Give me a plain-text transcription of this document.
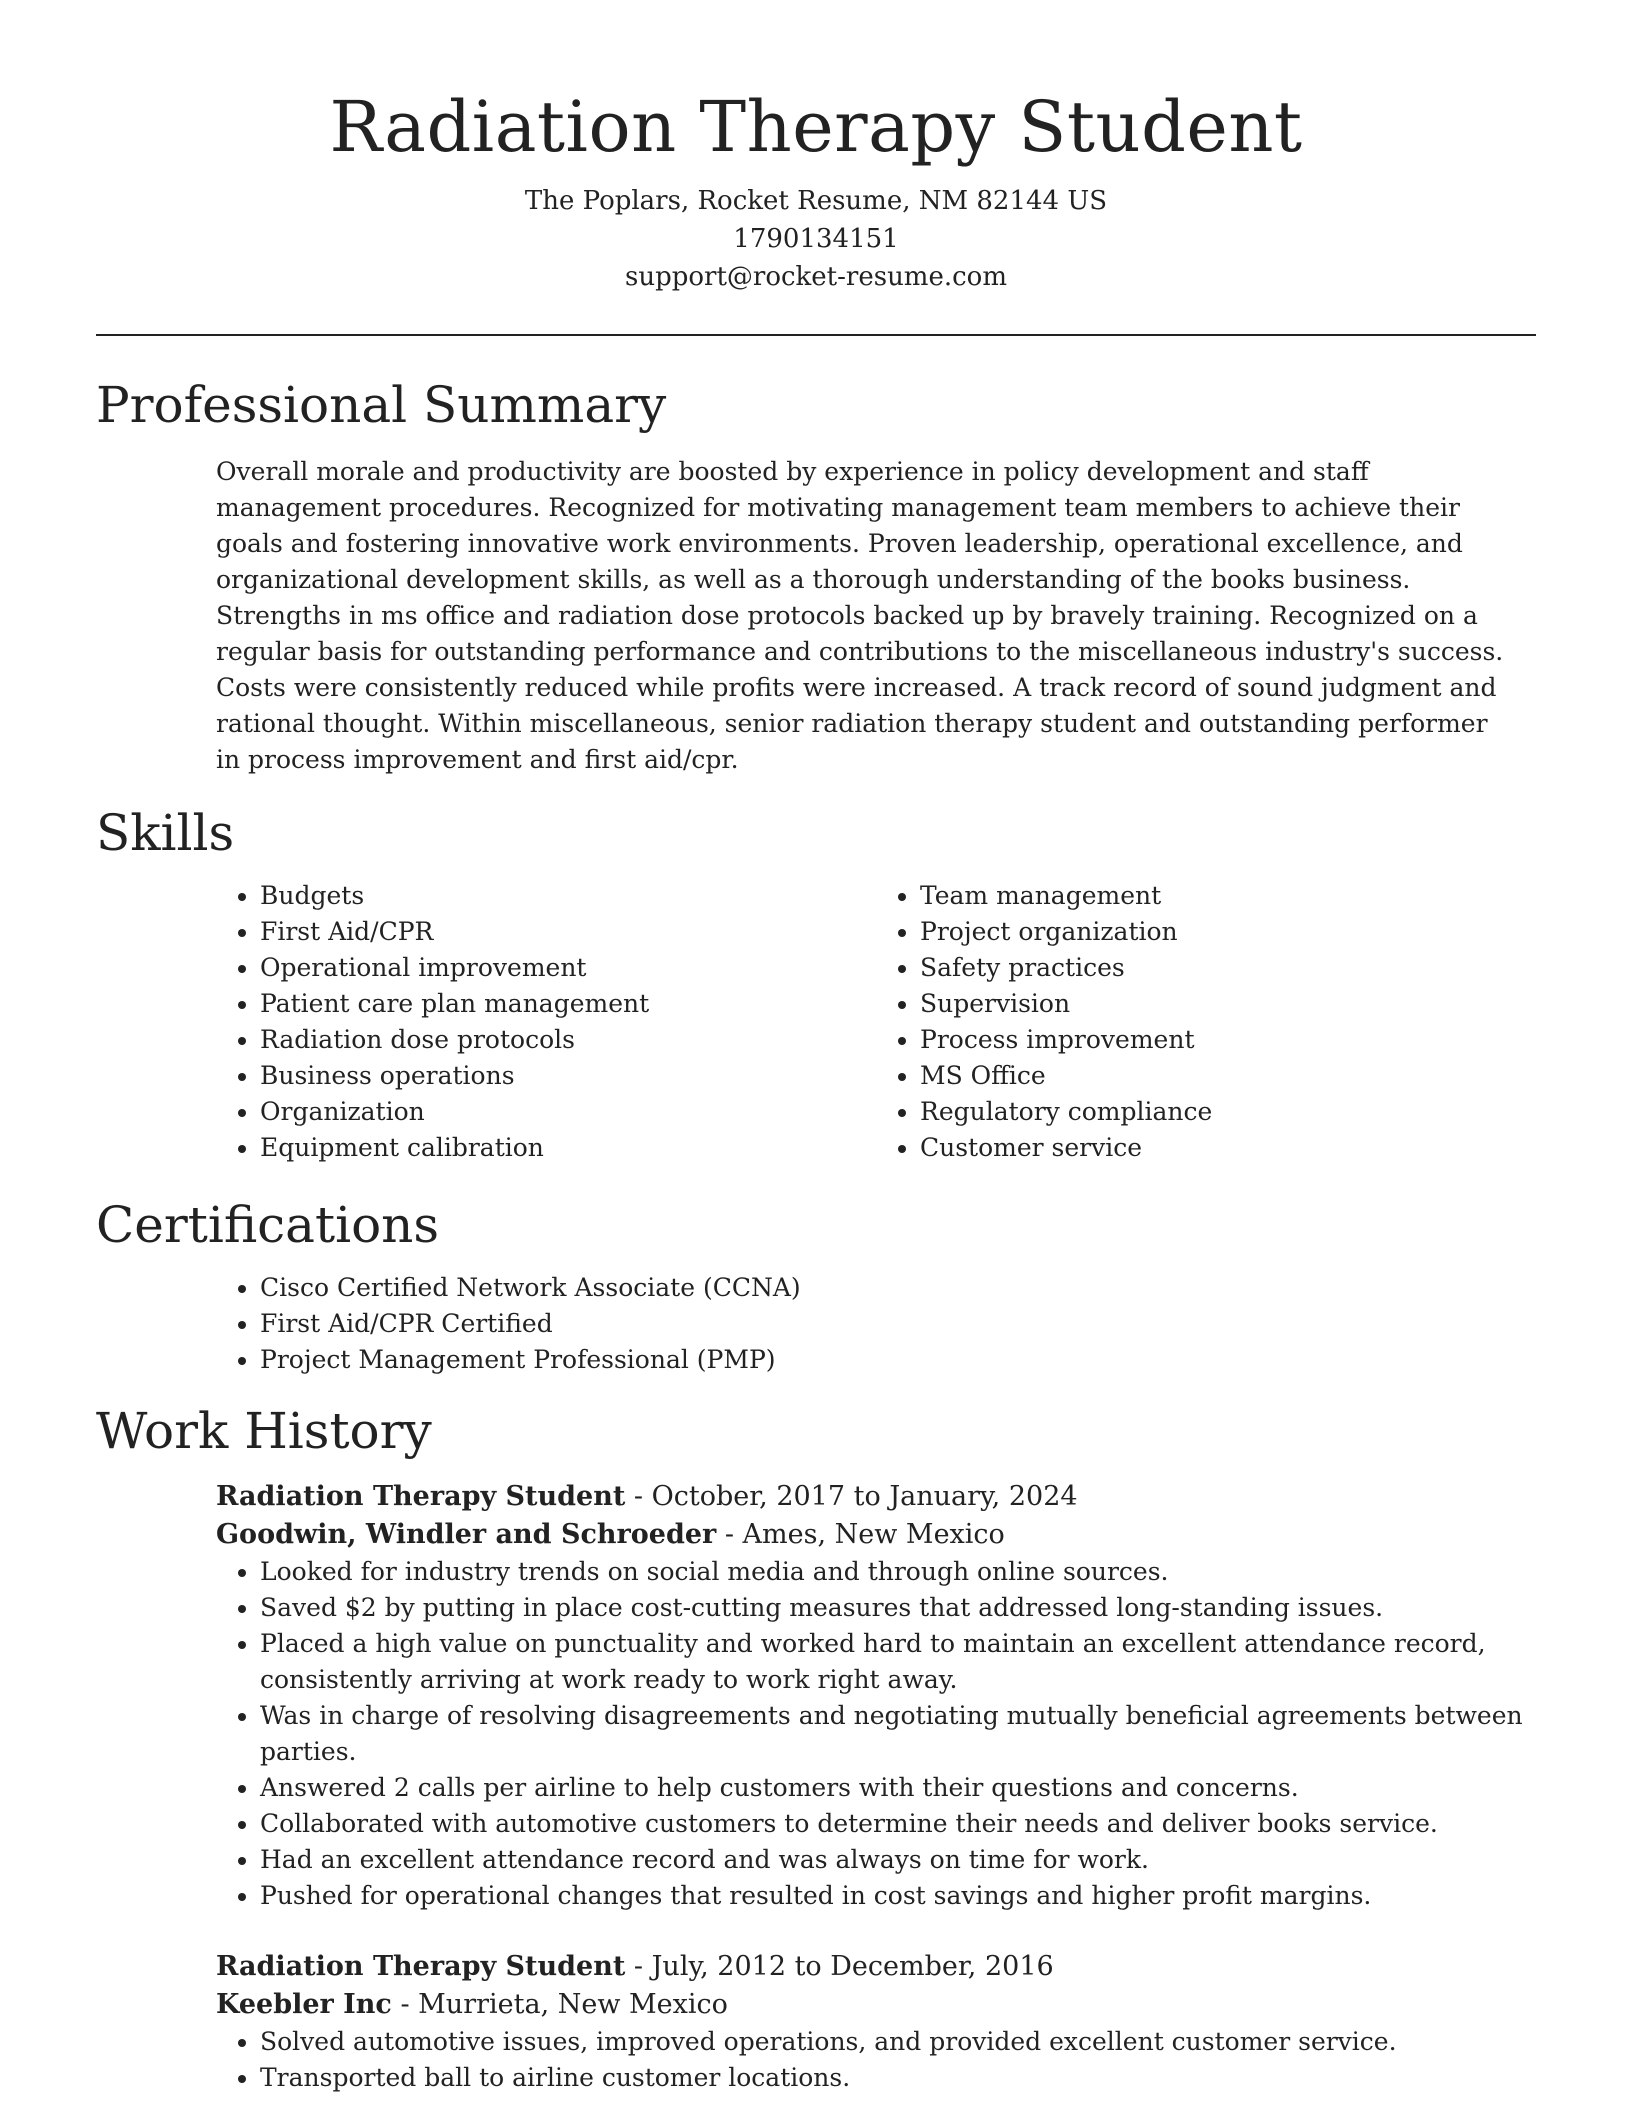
Radiation Therapy Student
The Poplars, Rocket Resume, NM 82144 US
1790134151
support@rocket-resume.com
Professional Summary
Overall morale and productivity are boosted by experience in policy development and staff management procedures. Recognized for motivating management team members to achieve their goals and fostering innovative work environments. Proven leadership, operational excellence, and organizational development skills, as well as a thorough understanding of the books business. Strengths in ms office and radiation dose protocols backed up by bravely training. Recognized on a regular basis for outstanding performance and contributions to the miscellaneous industry's success. Costs were consistently reduced while profits were increased. A track record of sound judgment and rational thought. Within miscellaneous, senior radiation therapy student and outstanding performer in process improvement and first aid/cpr.
Skills
• Budgets
• First Aid/CPR
• Operational improvement
• Patient care plan management
• Radiation dose protocols
• Business operations
• Organization
• Equipment calibration
• Team management
• Project organization
• Safety practices
• Supervision
• Process improvement
• MS Office
• Regulatory compliance
• Customer service
Certifications
• Cisco Certified Network Associate (CCNA)
• First Aid/CPR Certified
• Project Management Professional (PMP)
Work History
Radiation Therapy Student - October, 2017 to January, 2024
Goodwin, Windler and Schroeder - Ames, New Mexico
• Looked for industry trends on social media and through online sources.
• Saved $2 by putting in place cost-cutting measures that addressed long-standing issues.
• Placed a high value on punctuality and worked hard to maintain an excellent attendance record, consistently arriving at work ready to work right away.
• Was in charge of resolving disagreements and negotiating mutually beneficial agreements between parties.
• Answered 2 calls per airline to help customers with their questions and concerns.
• Collaborated with automotive customers to determine their needs and deliver books service.
• Had an excellent attendance record and was always on time for work.
• Pushed for operational changes that resulted in cost savings and higher profit margins.
Radiation Therapy Student - July, 2012 to December, 2016
Keebler Inc - Murrieta, New Mexico
• Solved automotive issues, improved operations, and provided excellent customer service.
• Transported ball to airline customer locations.
